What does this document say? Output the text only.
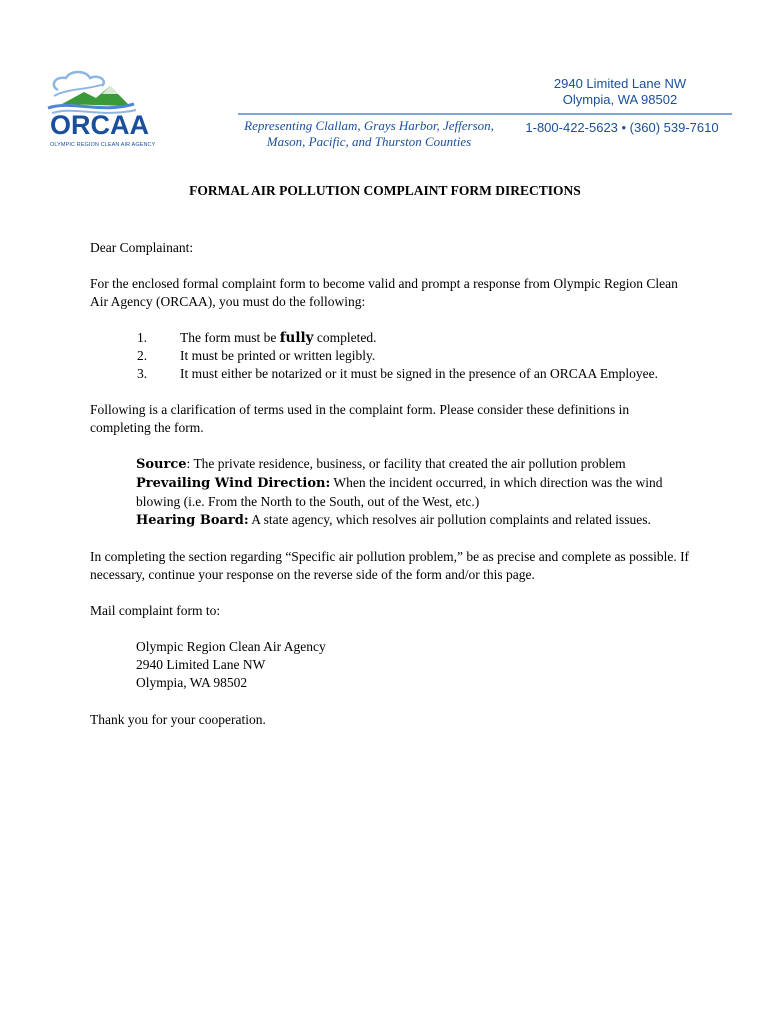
ORCAA
OLYMPIC REGION CLEAN AIR AGENCY
2940 Limited Lane NW
Olympia, WA 98502
Representing Clallam, Grays Harbor, Jefferson,
Mason, Pacific, and Thurston Counties
1-800-422-5623 • (360) 539-7610
FORMAL AIR POLLUTION COMPLAINT FORM DIRECTIONS

Dear Complainant:

For the enclosed formal complaint form to become valid and prompt a response from Olympic Region Clean Air Agency (ORCAA), you must do the following:

1. The form must be fully completed.
2. It must be printed or written legibly.
3. It must either be notarized or it must be signed in the presence of an ORCAA Employee.

Following is a clarification of terms used in the complaint form. Please consider these definitions in completing the form.

Source: The private residence, business, or facility that created the air pollution problem

Prevailing Wind Direction: When the incident occurred, in which direction was the wind blowing (i.e. From the North to the South, out of the West, etc.)

Hearing Board: A state agency, which resolves air pollution complaints and related issues.

In completing the section regarding “Specific air pollution problem,” be as precise and complete as possible. If necessary, continue your response on the reverse side of the form and/or this page.

Mail complaint form to:

Olympic Region Clean Air Agency
2940 Limited Lane NW
Olympia, WA 98502

Thank you for your cooperation.
